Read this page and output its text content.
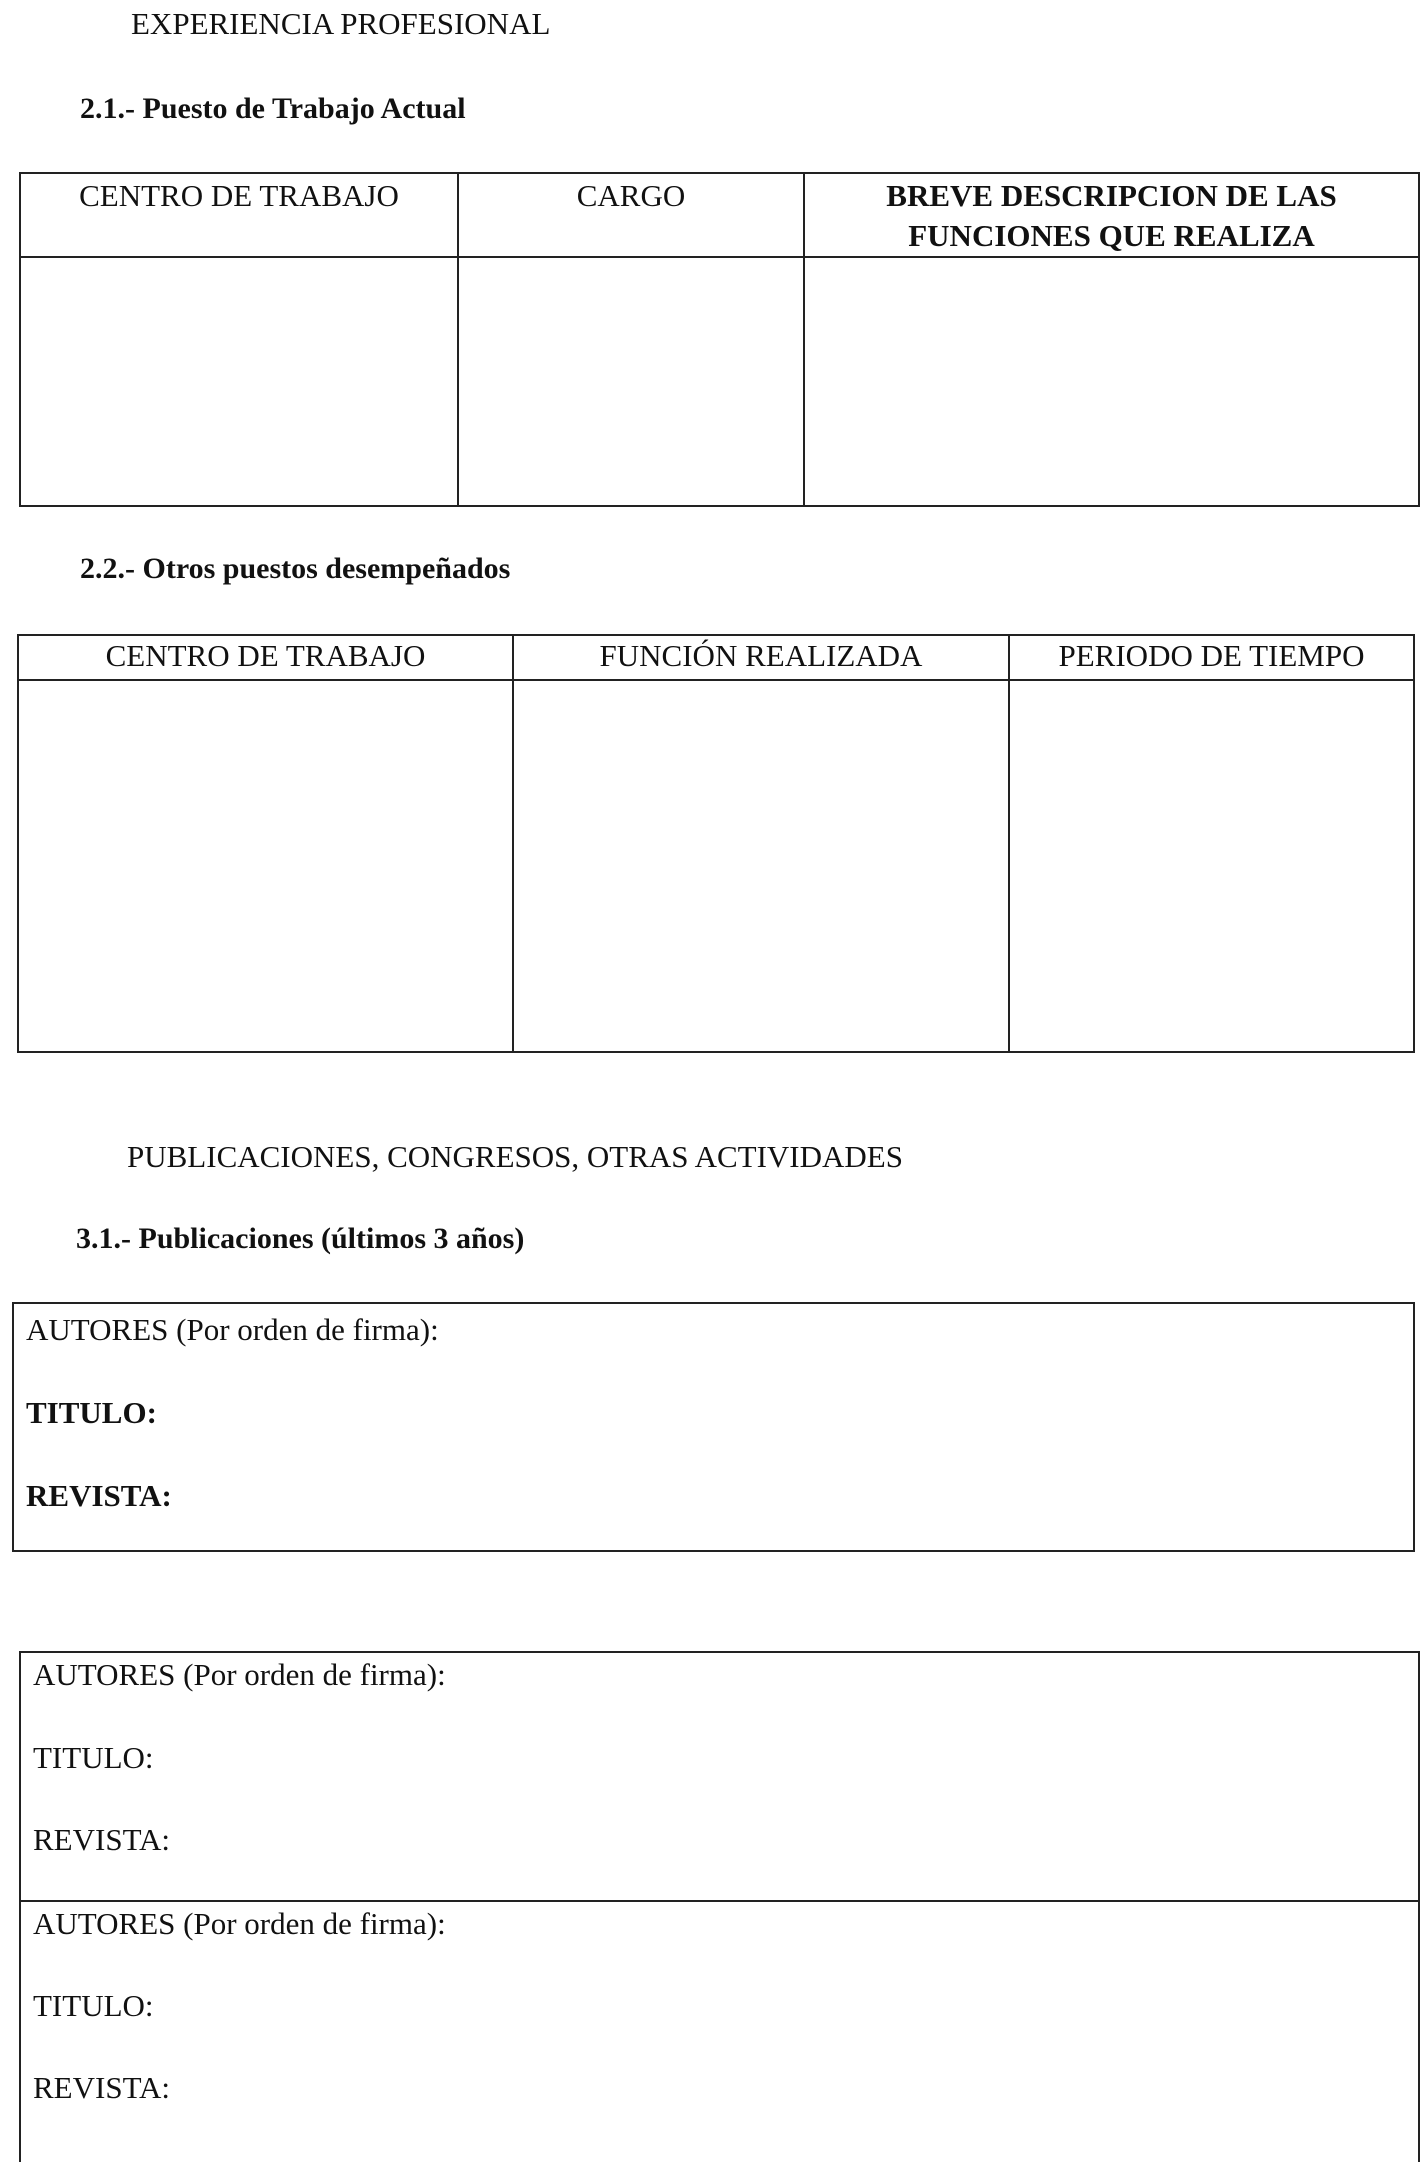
EXPERIENCIA PROFESIONAL
2.1.- Puesto de Trabajo Actual
CENTRO DE TRABAJO	CARGO	BREVE DESCRIPCION DE LAS FUNCIONES QUE REALIZA

2.2.- Otros puestos desempeñados
CENTRO DE TRABAJO	FUNCIÓN REALIZADA	PERIODO DE TIEMPO

PUBLICACIONES, CONGRESOS, OTRAS ACTIVIDADES
3.1.- Publicaciones (últimos 3 años)
AUTORES (Por orden de firma):
TITULO:
REVISTA:
AUTORES (Por orden de firma):
TITULO:
REVISTA:
AUTORES (Por orden de firma):
TITULO:
REVISTA:
